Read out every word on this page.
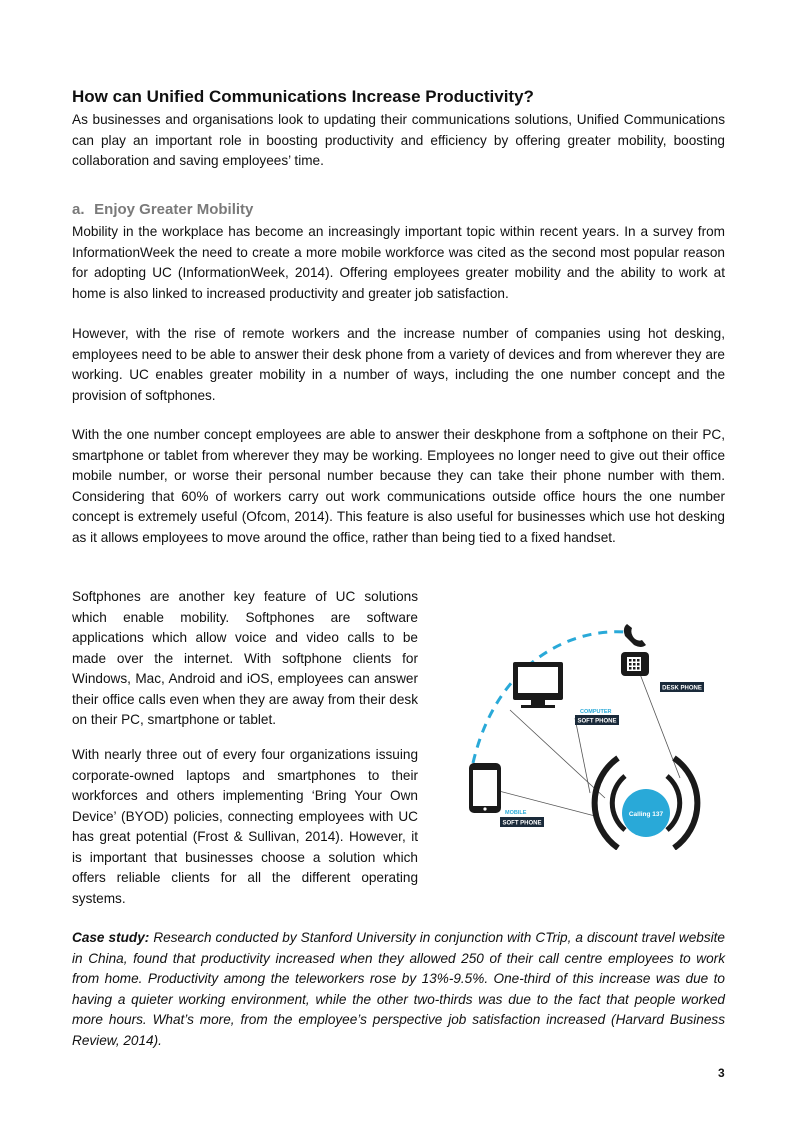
How can Unified Communications Increase Productivity?

As businesses and organisations look to updating their communications solutions, Unified Communications can play an important role in boosting productivity and efficiency by offering greater mobility, boosting collaboration and saving employees’ time.

a. Enjoy Greater Mobility

Mobility in the workplace has become an increasingly important topic within recent years. In a survey from InformationWeek the need to create a more mobile workforce was cited as the second most popular reason for adopting UC (InformationWeek, 2014). Offering employees greater mobility and the ability to work at home is also linked to increased productivity and greater job satisfaction.

However, with the rise of remote workers and the increase number of companies using hot desking, employees need to be able to answer their desk phone from a variety of devices and from wherever they are working. UC enables greater mobility in a number of ways, including the one number concept and the provision of softphones.

With the one number concept employees are able to answer their deskphone from a softphone on their PC, smartphone or tablet from wherever they may be working. Employees no longer need to give out their office mobile number, or worse their personal number because they can take their phone number with them. Considering that 60% of workers carry out work communications outside office hours the one number concept is extremely useful (Ofcom, 2014). This feature is also useful for businesses which use hot desking as it allows employees to move around the office, rather than being tied to a fixed handset.

Softphones are another key feature of UC solutions which enable mobility. Softphones are software applications which allow voice and video calls to be made over the internet. With softphone clients for Windows, Mac, Android and iOS, employees can answer their office calls even when they are away from their desk on their PC, smartphone or tablet.

With nearly three out of every four organizations issuing corporate-owned laptops and smartphones to their workforces and others implementing ‘Bring Your Own Device’ (BYOD) policies, connecting employees with UC has great potential (Frost & Sullivan, 2014). However, it is important that businesses choose a solution which offers reliable clients for all the different operating systems.

Case study: Research conducted by Stanford University in conjunction with CTrip, a discount travel website in China, found that productivity increased when they allowed 250 of their call centre employees to work from home. Productivity among the teleworkers rose by 13%-9.5%. One-third of this increase was due to having a quieter working environment, while the other two-thirds was due to the fact that people worked more hours. What’s more, from the employee’s perspective job satisfaction increased (Harvard Business Review, 2014).

DESK PHONE
COMPUTER
SOFT PHONE
MOBILE
SOFT PHONE
Calling 137
3
